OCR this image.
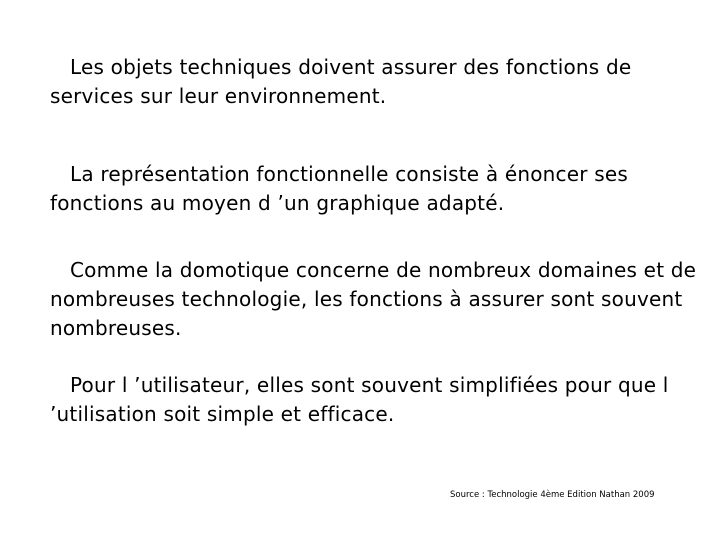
Les objets techniques doivent assurer des fonctions de services sur leur environnement.

La représentation fonctionnelle consiste à énoncer ses fonctions au moyen d ’un graphique adapté.

Comme la domotique concerne de nombreux domaines et de nombreuses technologie, les fonctions à assurer sont souvent nombreuses.

Pour l ’utilisateur, elles sont souvent simplifiées pour que l ’utilisation soit simple et efficace.

Source : Technologie 4ème Edition Nathan 2009
